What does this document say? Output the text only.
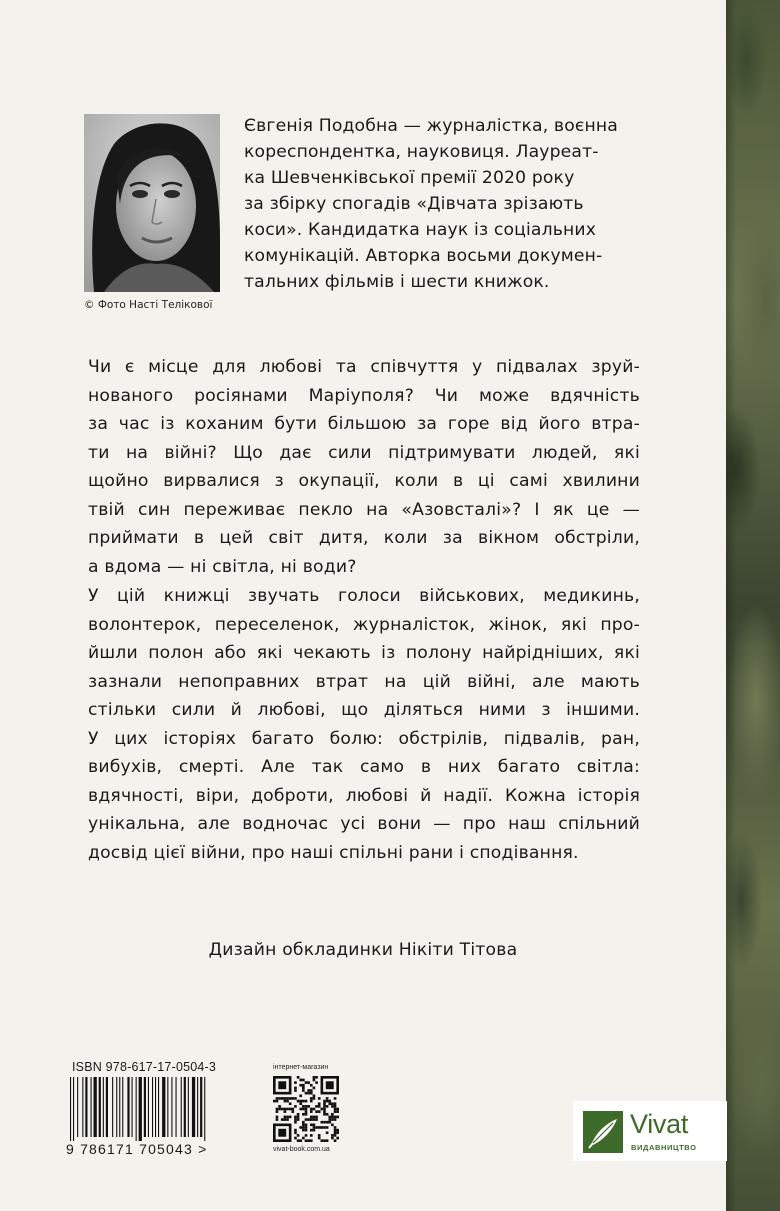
© Фото Насті Телікової

Євгенія Подобна — журналістка, воєнна

кореспондентка, науковиця. Лауреат-

ка Шевченківської премії 2020 року

за збірку спогадів «Дівчата зрізають

коси». Кандидатка наук із соціальних

комунікацій. Авторка восьми докумен-

тальних фільмів і шести книжок.

Чи є місце для любові та співчуття у підвалах зруй-

нованого росіянами Маріуполя? Чи може вдячність

за час із коханим бути більшою за горе від його втра-

ти на війні? Що дає сили підтримувати людей, які

щойно вирвалися з окупації, коли в ці самі хвилини

твій син переживає пекло на «Азовсталі»? І як це —

приймати в цей світ дитя, коли за вікном обстріли,

а вдома — ні світла, ні води?

У цій книжці звучать голоси військових, медикинь,

волонтерок, переселенок, журналісток, жінок, які про-

йшли полон або які чекають із полону найрідніших, які

зазнали непоправних втрат на цій війні, але мають

стільки сили й любові, що діляться ними з іншими.

У цих історіях багато болю: обстрілів, підвалів, ран,

вибухів, смерті. Але так само в них багато світла:

вдячності, віри, доброти, любові й надії. Кожна історія

унікальна, але водночас усі вони — про наш спільний

досвід цієї війни, про наші спільні рани і сподівання.

Дизайн обкладинки Нікіти Тітова
ISBN 978-617-17-0504-3
9 786171 705043 >
інтернет-магазин
vivat-book.com.ua
Vivat
ВИДАВНИЦТВО
